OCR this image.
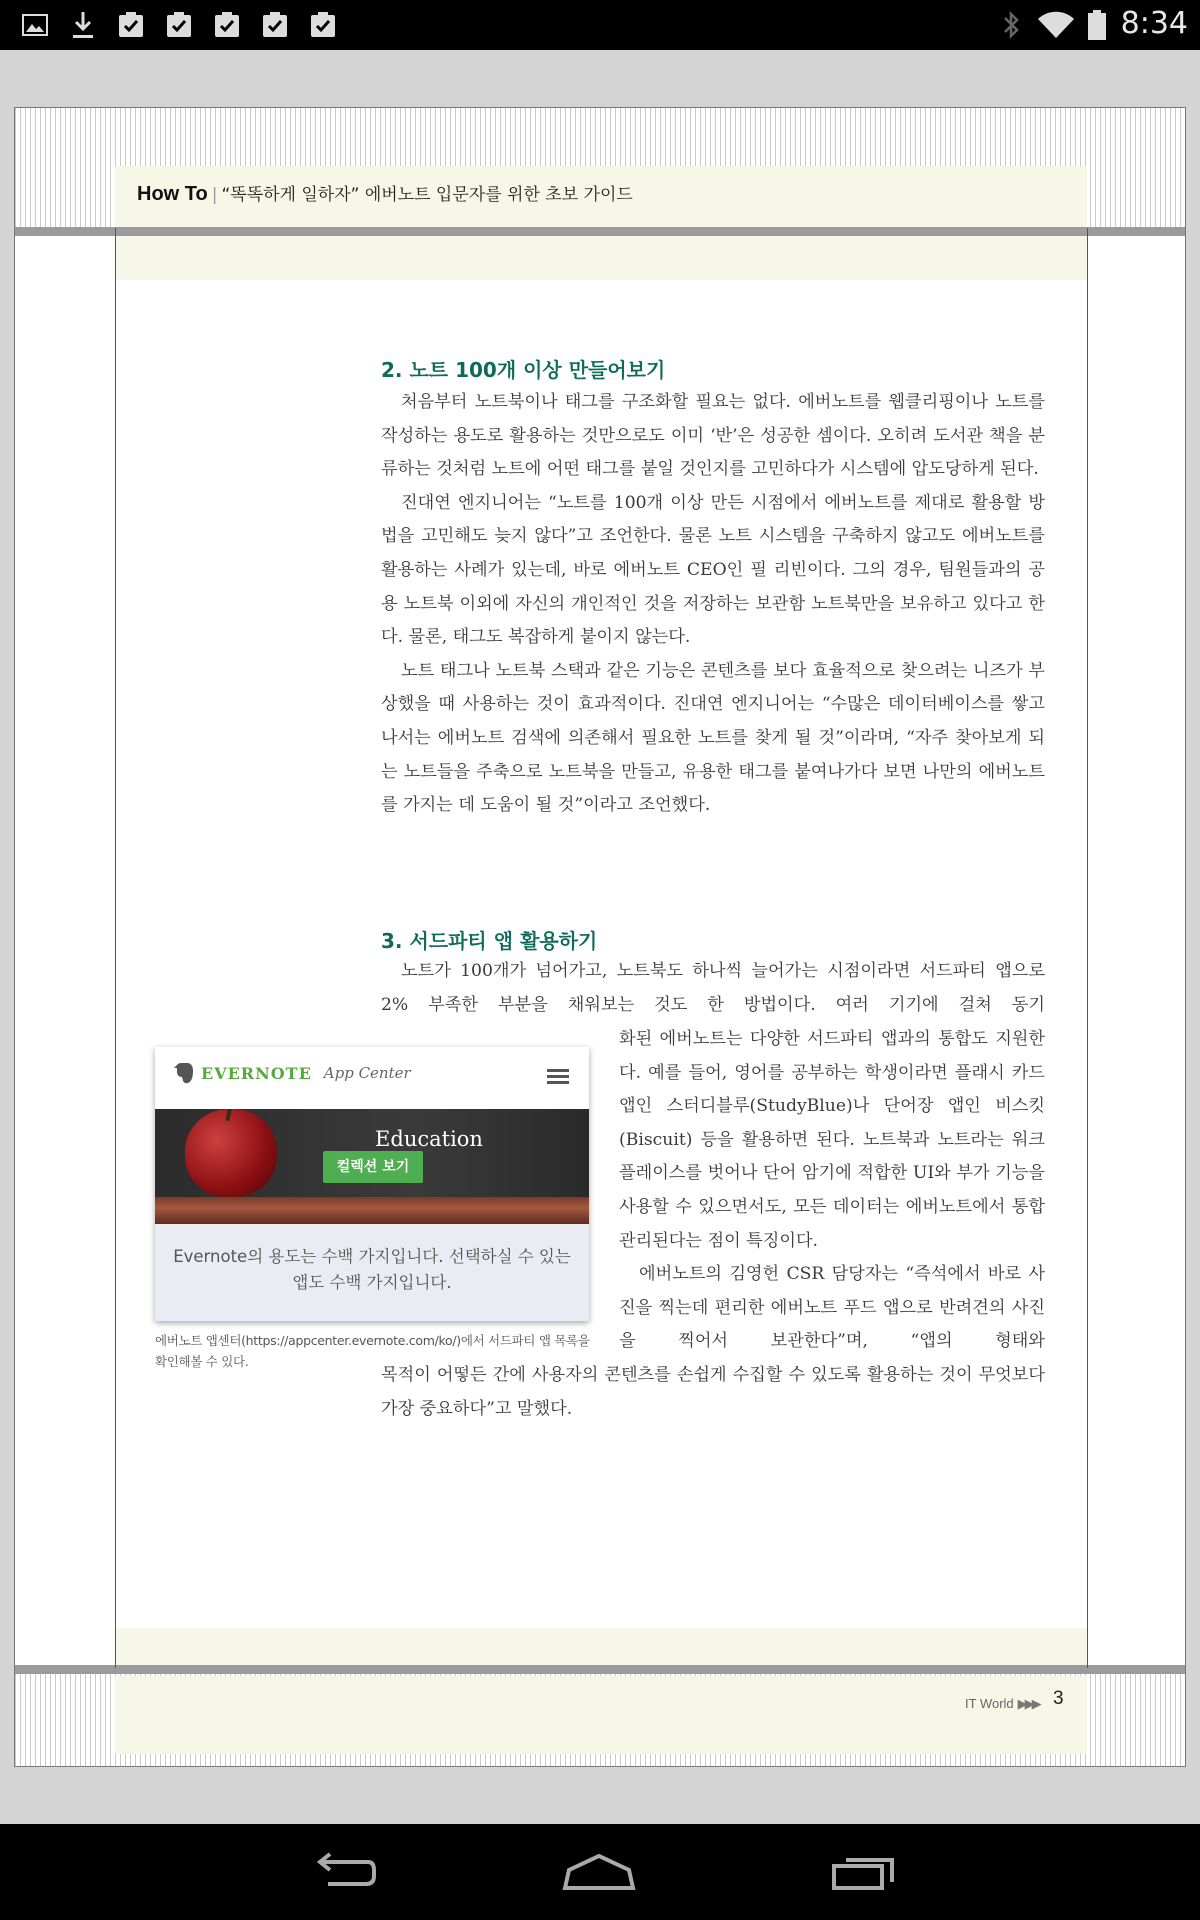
8:34
How To | “똑똑하게 일하자” 에버노트 입문자를 위한 초보 가이드
2. 노트 100개 이상 만들어보기

처음부터 노트북이나 태그를 구조화할 필요는 없다. 에버노트를 웹클리핑이나 노트를 작성하는 용도로 활용하는 것만으로도 이미 ‘반’은 성공한 셈이다. 오히려 도서관 책을 분류하는 것처럼 노트에 어떤 태그를 붙일 것인지를 고민하다가 시스템에 압도당하게 된다.

진대연 엔지니어는 “노트를 100개 이상 만든 시점에서 에버노트를 제대로 활용할 방법을 고민해도 늦지 않다”고 조언한다. 물론 노트 시스템을 구축하지 않고도 에버노트를 활용하는 사례가 있는데, 바로 에버노트 CEO인 필 리빈이다. 그의 경우, 팀원들과의 공용 노트북 이외에 자신의 개인적인 것을 저장하는 보관함 노트북만을 보유하고 있다고 한다. 물론, 태그도 복잡하게 붙이지 않는다.

노트 태그나 노트북 스택과 같은 기능은 콘텐츠를 보다 효율적으로 찾으려는 니즈가 부상했을 때 사용하는 것이 효과적이다. 진대연 엔지니어는 “수많은 데이터베이스를 쌓고 나서는 에버노트 검색에 의존해서 필요한 노트를 찾게 될 것”이라며, “자주 찾아보게 되는 노트들을 주축으로 노트북을 만들고, 유용한 태그를 붙여나가다 보면 나만의 에버노트를 가지는 데 도움이 될 것”이라고 조언했다.

3. 서드파티 앱 활용하기

노트가 100개가 넘어가고, 노트북도 하나씩 늘어가는 시점이라면 서드파티 앱으로 2% 부족한 부분을 채워보는 것도 한 방법이다. 여러 기기에 걸쳐 동기

화된 에버노트는 다양한 서드파티 앱과의 통합도 지원한다. 예를 들어, 영어를 공부하는 학생이라면 플래시 카드 앱인 스터디블루(StudyBlue)나 단어장 앱인 비스킷(Biscuit) 등을 활용하면 된다. 노트북과 노트라는 워크플레이스를 벗어나 단어 암기에 적합한 UI와 부가 기능을 사용할 수 있으면서도, 모든 데이터는 에버노트에서 통합 관리된다는 점이 특징이다.

에버노트의 김영헌 CSR 담당자는 “즉석에서 바로 사진을 찍는데 편리한 에버노트 푸드 앱으로 반려견의 사진을 찍어서 보관한다”며, “앱의 형태와

목적이 어떻든 간에 사용자의 콘텐츠를 손쉽게 수집할 수 있도록 활용하는 것이 무엇보다 가장 중요하다”고 말했다.

EVERNOTE App Center
Education
컬렉션 보기
Evernote의 용도는 수백 가지입니다. 선택하실 수 있는 앱도 수백 가지입니다.
에버노트 앱센터(https://appcenter.evernote.com/ko/)에서 서드파티 앱 목록을 확인해볼 수 있다.
IT World ▶▶▶ 3
